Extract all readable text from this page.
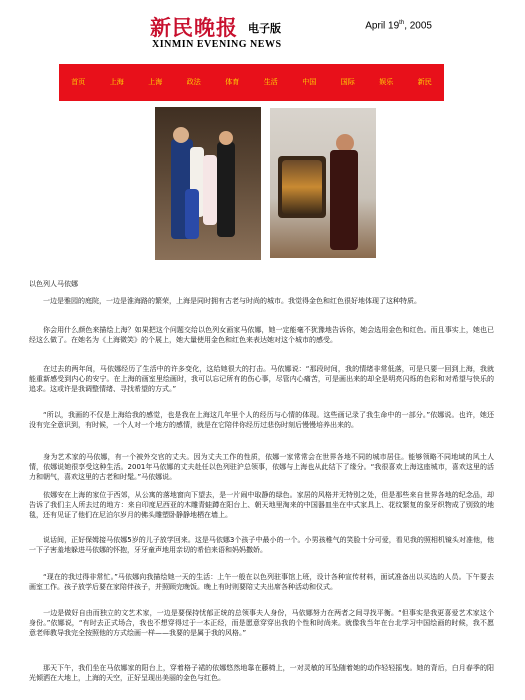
新民晚报 电子版
XINMIN EVENING NEWS
April 19th, 2005
首页	上海	上海	政法	体育	生活	中国	国际	娱乐	新民
以色列人马依娜
一边是雅园的庭院，一边是淮海路的繁荣，上海是同时拥有古老与时尚的城市。我觉得金色和红色很好地体现了这种特质。
你会用什么颜色来描绘上海？如果把这个问题交给以色列女画家马依娜，她一定能毫不犹豫地告诉你，她会选用金色和红色。而且事实上，她也已经这么做了。在她名为《上海微笑》的个展上，她大量使用金色和红色来表达她对这个城市的感受。
在过去的两年间，马依娜经历了生活中的许多变化，这给她很大的打击。马依娜说：“那段时间，我的情绪非常低落，可是只要一回到上海，我就能重新感受到内心的安宁。在上海的画室里绘画时，我可以忘记所有的伤心事，尽管内心痛苦，可是画出来的却全是明亮闪烁的色彩和对希望与快乐的追求。这或许是我调整情绪、寻找希望的方式。”
“所以，我画的不仅是上海给我的感觉，也是我在上海这几年里个人的经历与心情的体现。这些画记录了我生命中的一部分。”依娜说。也许，她还没有完全意识到，有时候，一个人对一个地方的感情，就是在它陪伴你经历过悲伤时刻后慢慢培养出来的。
身为艺术家的马依娜，有一个被外交官的丈夫。因为丈夫工作的性质，依娜一家常常会在世界各地不同的城市居住。能够领略不同地域的风土人情，依娜说她很享受这种生活。2001年马依娜的丈夫赴任以色列驻沪总领事，依娜与上海也从此结下了缘分。“我很喜欢上海这座城市，喜欢这里的活力和朝气，喜欢这里的古老和时髦。”马依娜说。
依娜安在上海的家位于西郊，从公寓的落地窗向下望去，是一片闹中取静的绿色。家居的风格并无特别之处，但是那些来自世界各地的纪念品，却告诉了我们主人所去过的地方：来自印度尼西亚的木雕青蛙蹲在阳台上、朝天地里淘来的中国器皿坐在中式家具上、花纹繁复的象牙织物成了别致的地毯，还有见证了他们在尼泊尔岁月的佛头雕塑卧静静地栖在墙上。
说话间，正好保姆接马依娜5岁的儿子放学回来。这是马依娜3个孩子中最小的一个。小男孩稚气的笑脸十分可爱，看见我的照相机镜头对准他，他一下子害羞地躲进马依娜的怀抱，牙牙童声地用亲切的希伯来语和妈妈撒娇。
“现在的我过得非常忙。”马依娜向我描绘她一天的生活：上午一般在以色列驻事馆上班，设计各种宣传材料，面试准备出以买选的人员。下午要去画室工作。孩子放学后要在家陪伴孩子，并照顾完晚饭。晚上有时则要陪丈夫出席各种活动和仪式。
一边是做好自由而独立的文艺术家，一边是要保持忧郁正统的总领事夫人身份，马依娜努力在两者之间寻找平衡。“但事实是我更喜爱艺术家这个身份。”依娜说，“有时去正式场合，我也不想穿得过于一本正经，而是愿意穿穿出我的个性和时尚来。就像我当年在台北学习中国绘画的时候，我不愿意老师教导我完全按照他的方式绘画一样——我要的是属于我的风格。”
那天下午，我们坐在马依娜家的阳台上，穿着格子裙的依娜悠然地靠在藤椅上，一对灵敏的耳坠随着她的动作轻轻摇曳。她的背后，白月春季的阳光倾洒在大地上，上海的天空，正好呈现出美丽的金色与红色。
